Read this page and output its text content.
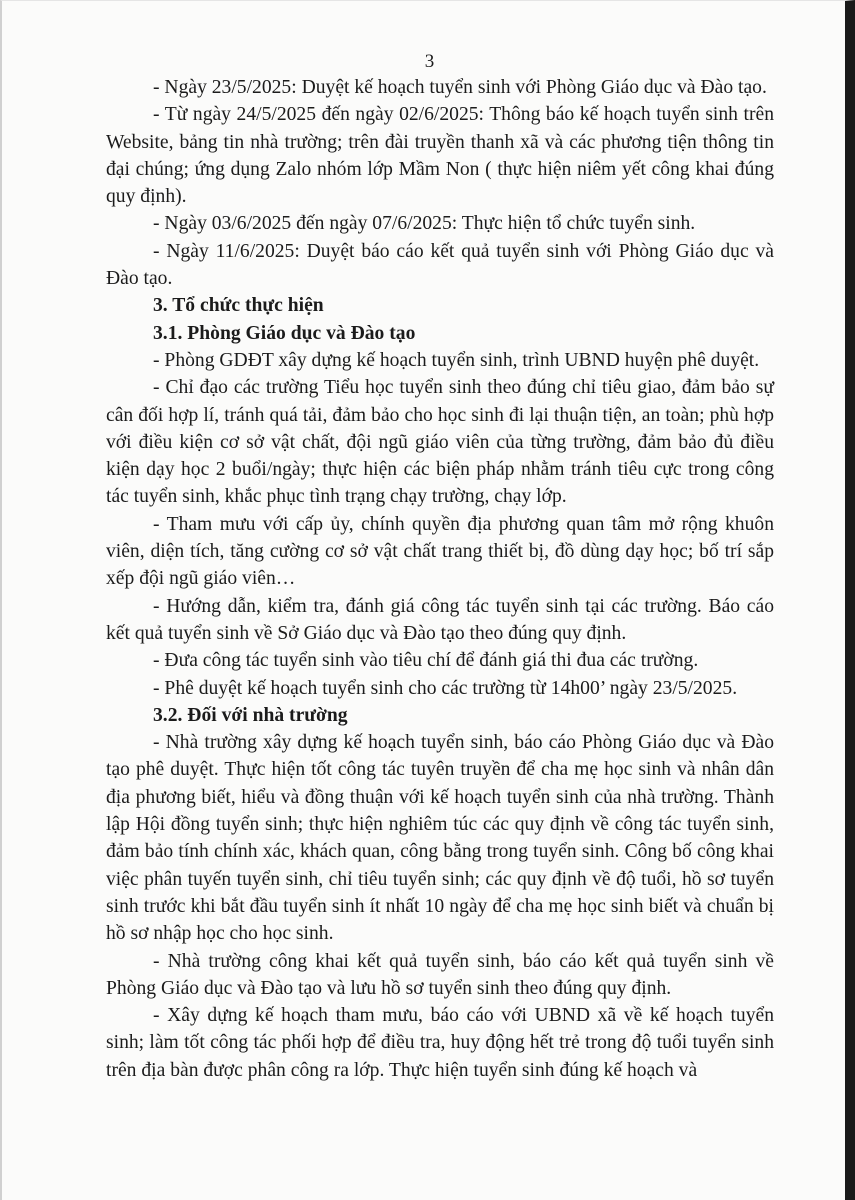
3

- Ngày 23/5/2025: Duyệt kế hoạch tuyển sinh với Phòng Giáo dục và Đào tạo.

- Từ ngày 24/5/2025 đến ngày 02/6/2025: Thông báo kế hoạch tuyển sinh trên Website, bảng tin nhà trường; trên đài truyền thanh xã và các phương tiện thông tin đại chúng; ứng dụng Zalo nhóm lớp Mầm Non ( thực hiện niêm yết công khai đúng quy định).

- Ngày 03/6/2025 đến ngày 07/6/2025: Thực hiện tổ chức tuyển sinh.

- Ngày 11/6/2025: Duyệt báo cáo kết quả tuyển sinh với Phòng Giáo dục và Đào tạo.

3. Tổ chức thực hiện

3.1. Phòng Giáo dục và Đào tạo

- Phòng GDĐT xây dựng kế hoạch tuyển sinh, trình UBND huyện phê duyệt.

- Chỉ đạo các trường Tiểu học tuyển sinh theo đúng chỉ tiêu giao, đảm bảo sự cân đối hợp lí, tránh quá tải, đảm bảo cho học sinh đi lại thuận tiện, an toàn; phù hợp với điều kiện cơ sở vật chất, đội ngũ giáo viên của từng trường, đảm bảo đủ điều kiện dạy học 2 buổi/ngày; thực hiện các biện pháp nhằm tránh tiêu cực trong công tác tuyển sinh, khắc phục tình trạng chạy trường, chạy lớp.

- Tham mưu với cấp ủy, chính quyền địa phương quan tâm mở rộng khuôn viên, diện tích, tăng cường cơ sở vật chất trang thiết bị, đồ dùng dạy học; bố trí sắp xếp đội ngũ giáo viên…

- Hướng dẫn, kiểm tra, đánh giá công tác tuyển sinh tại các trường. Báo cáo kết quả tuyển sinh về Sở Giáo dục và Đào tạo theo đúng quy định.

- Đưa công tác tuyển sinh vào tiêu chí để đánh giá thi đua các trường.

- Phê duyệt kế hoạch tuyển sinh cho các trường từ 14h00’ ngày 23/5/2025.

3.2. Đối với nhà trường

- Nhà trường xây dựng kế hoạch tuyển sinh, báo cáo Phòng Giáo dục và Đào tạo phê duyệt. Thực hiện tốt công tác tuyên truyền để cha mẹ học sinh và nhân dân địa phương biết, hiểu và đồng thuận với kế hoạch tuyển sinh của nhà trường. Thành lập Hội đồng tuyển sinh; thực hiện nghiêm túc các quy định về công tác tuyển sinh, đảm bảo tính chính xác, khách quan, công bằng trong tuyển sinh. Công bố công khai việc phân tuyến tuyển sinh, chỉ tiêu tuyển sinh; các quy định về độ tuổi, hồ sơ tuyển sinh trước khi bắt đầu tuyển sinh ít nhất 10 ngày để cha mẹ học sinh biết và chuẩn bị hồ sơ nhập học cho học sinh.

- Nhà trường công khai kết quả tuyển sinh, báo cáo kết quả tuyển sinh về Phòng Giáo dục và Đào tạo và lưu hồ sơ tuyển sinh theo đúng quy định.

- Xây dựng kế hoạch tham mưu, báo cáo với UBND xã về kế hoạch tuyển sinh; làm tốt công tác phối hợp để điều tra, huy động hết trẻ trong độ tuổi tuyển sinh trên địa bàn được phân công ra lớp. Thực hiện tuyển sinh đúng kế hoạch và
